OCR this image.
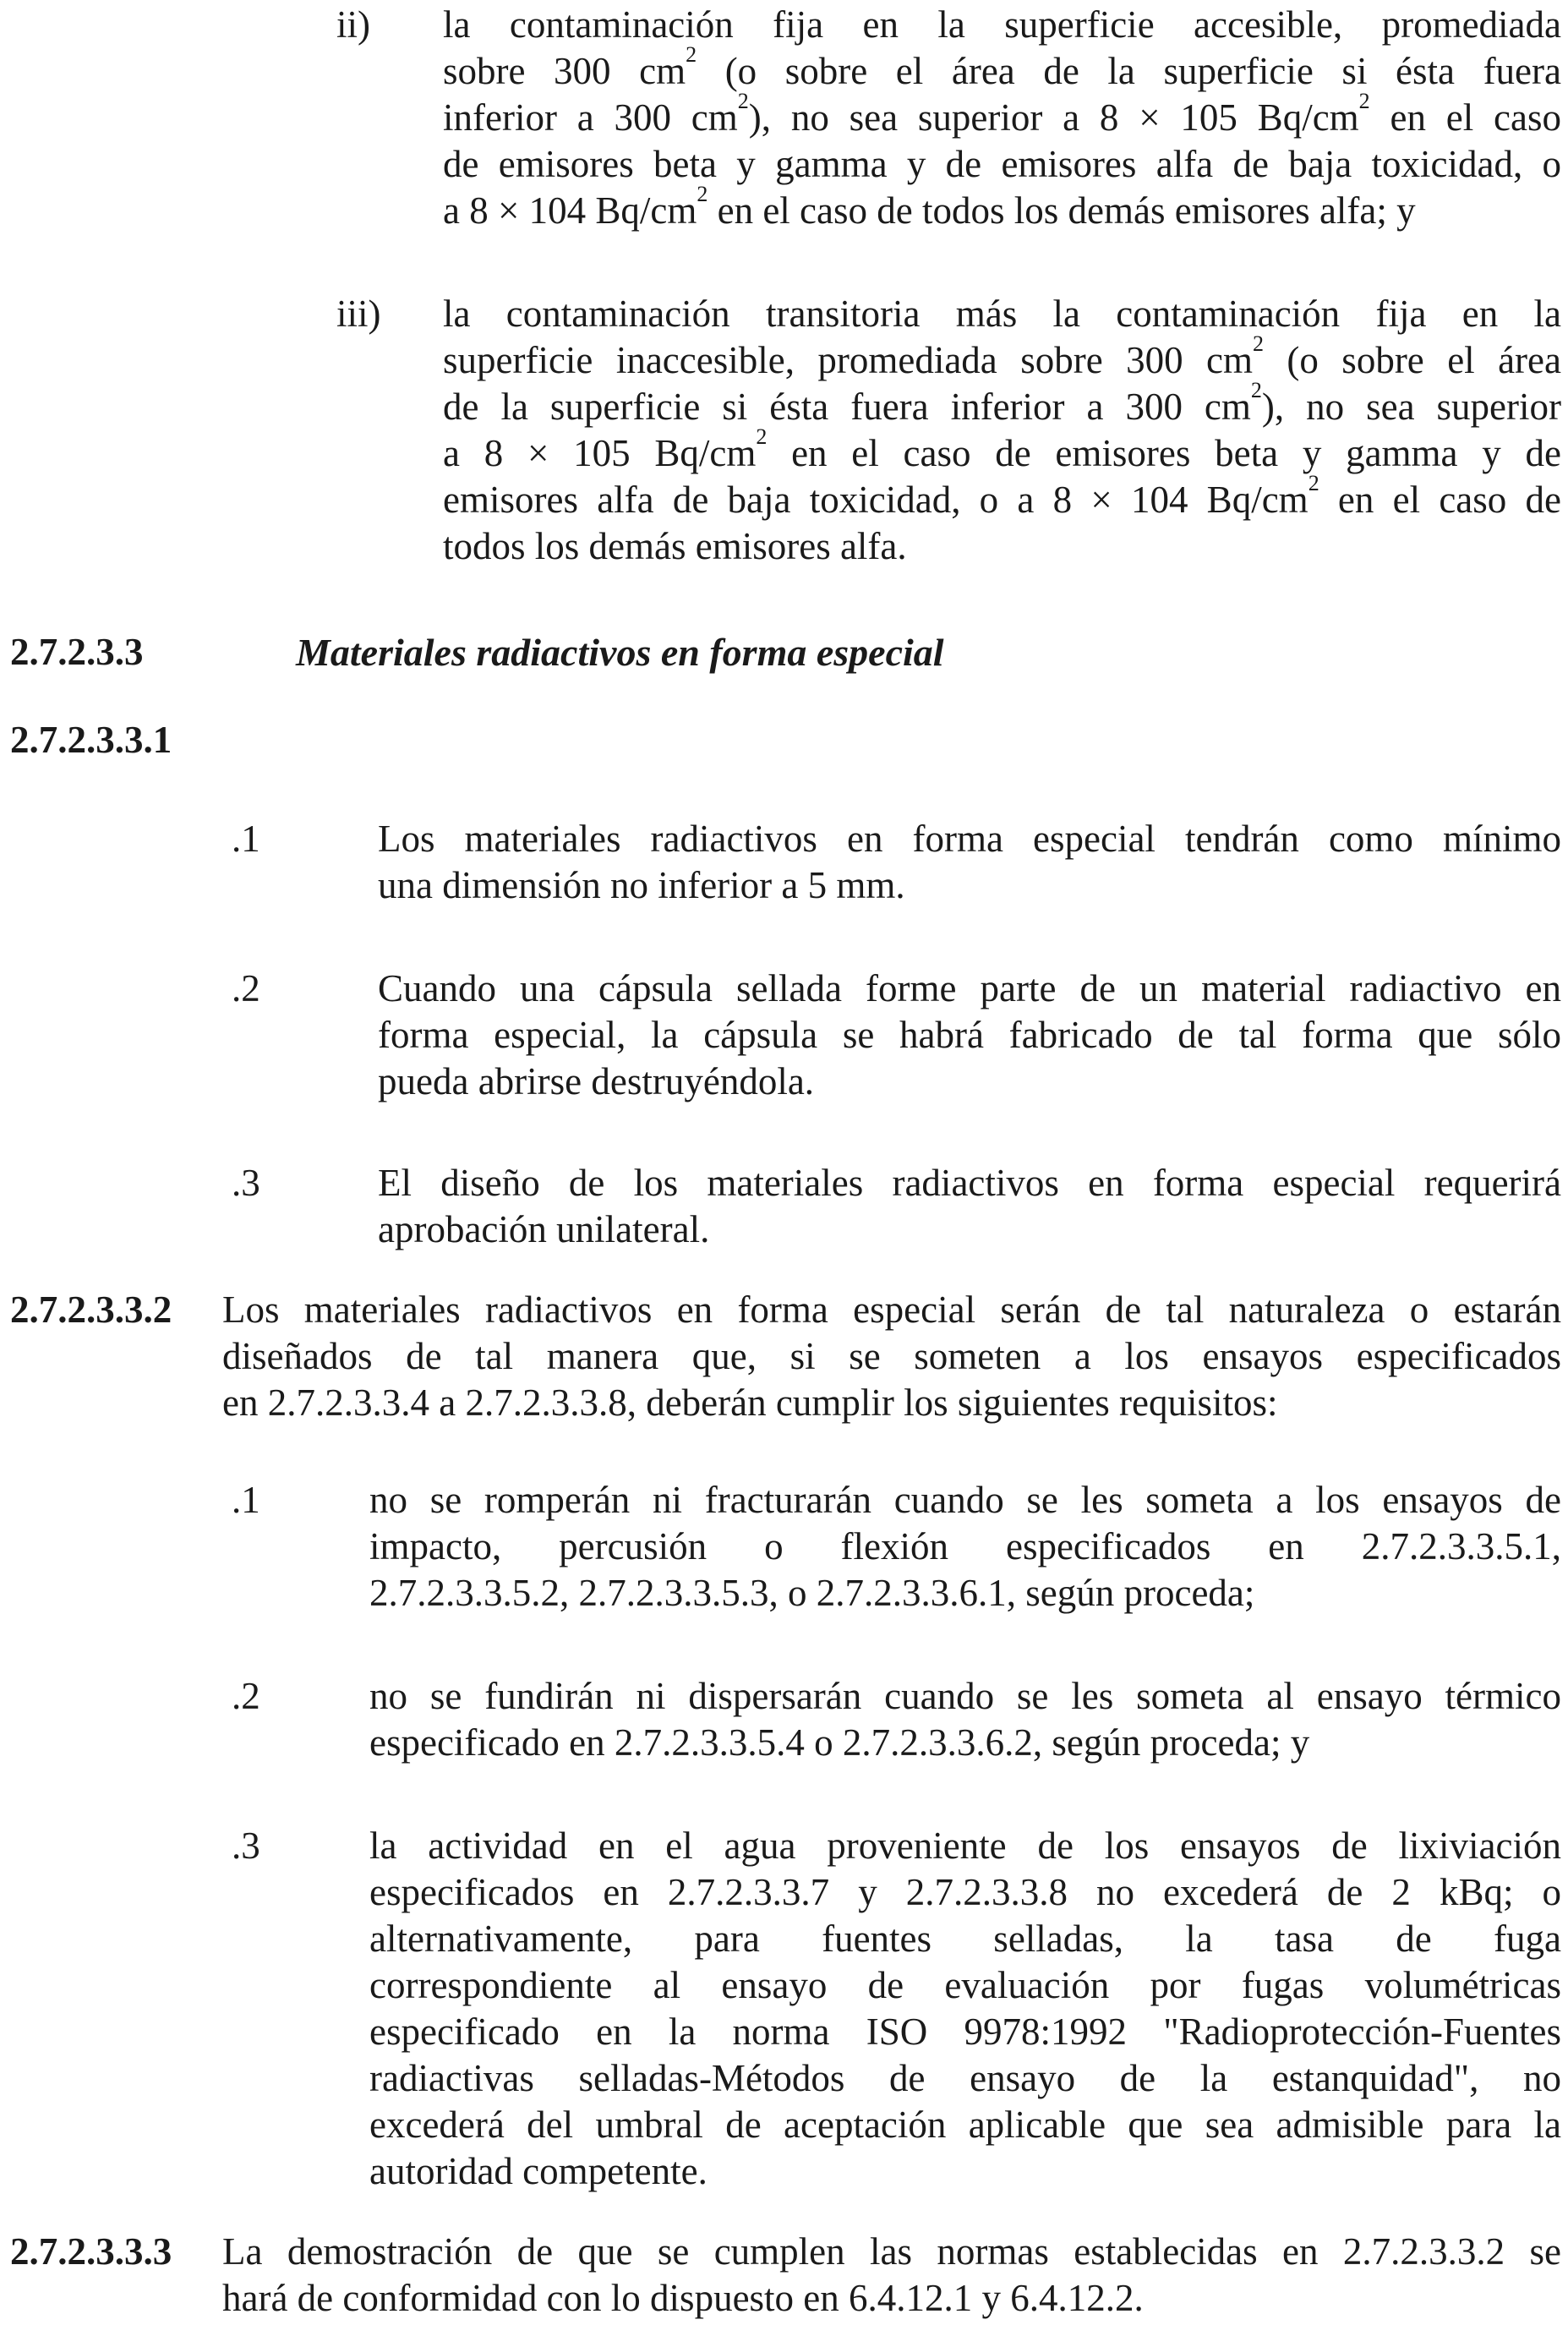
ii) la contaminación fija en la superficie accesible, promediada
sobre 300 $cm^2$ (o sobre el área de la superficie si ésta fuera
inferior a 300 $cm^2$), no sea superior a 8 × 105 $Bq/cm^2$ en el caso
de emisores beta y gamma y de emisores alfa de baja toxicidad, o
a 8 × 104 $Bq/cm^2$ en el caso de todos los demás emisores alfa; y
iii) la contaminación transitoria más la contaminación fija en la
superficie inaccesible, promediada sobre 300 $cm^2$ (o sobre el área
de la superficie si ésta fuera inferior a 300 $cm^2$), no sea superior
a 8 × 105 $Bq/cm^2$ en el caso de emisores beta y gamma y de
emisores alfa de baja toxicidad, o a 8 × 104 $Bq/cm^2$ en el caso de
todos los demás emisores alfa.
2.7.2.3.3	Materiales radiactivos en forma especial
2.7.2.3.3.1
.1	Los materiales radiactivos en forma especial tendrán como mínimo
una dimensión no inferior a 5 mm.
.2	Cuando una cápsula sellada forme parte de un material radiactivo en
forma especial, la cápsula se habrá fabricado de tal forma que sólo
pueda abrirse destruyéndola.
.3	El diseño de los materiales radiactivos en forma especial requerirá
aprobación unilateral.
2.7.2.3.3.2 Los materiales radiactivos en forma especial serán de tal naturaleza o estarán
diseñados de tal manera que, si se someten a los ensayos especificados
en 2.7.2.3.3.4 a 2.7.2.3.3.8, deberán cumplir los siguientes requisitos:
.1	no se romperán ni fracturarán cuando se les someta a los ensayos de
impacto, percusión o flexión especificados en 2.7.2.3.3.5.1,
2.7.2.3.3.5.2, 2.7.2.3.3.5.3, o 2.7.2.3.3.6.1, según proceda;
.2	no se fundirán ni dispersarán cuando se les someta al ensayo térmico
especificado en 2.7.2.3.3.5.4 o 2.7.2.3.3.6.2, según proceda; y
.3	la actividad en el agua proveniente de los ensayos de lixiviación
especificados en 2.7.2.3.3.7 y 2.7.2.3.3.8 no excederá de 2 kBq; o
alternativamente, para fuentes selladas, la tasa de fuga
correspondiente al ensayo de evaluación por fugas volumétricas
especificado en la norma ISO 9978:1992 "Radioprotección-Fuentes
radiactivas selladas-Métodos de ensayo de la estanquidad", no
excederá del umbral de aceptación aplicable que sea admisible para la
autoridad competente.
2.7.2.3.3.3 La demostración de que se cumplen las normas establecidas en 2.7.2.3.3.2 se
hará de conformidad con lo dispuesto en 6.4.12.1 y 6.4.12.2.
